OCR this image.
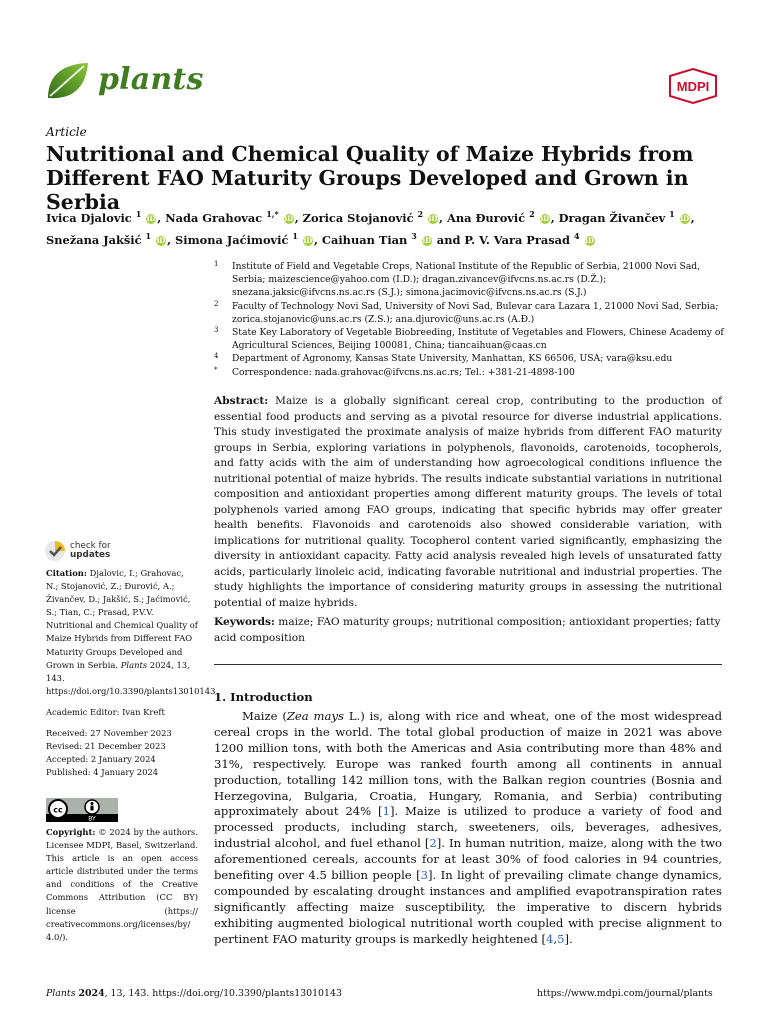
plants	MDPI
Article
Nutritional and Chemical Quality of Maize Hybrids from Different FAO Maturity Groups Developed and Grown in Serbia
Ivica Djalovic $^1$ iD , Nada Grahovac $^{1,*}$ iD , Zorica Stojanović $^2$ iD , Ana Đurović $^2$ iD , Dragan Živančev $^1$ iD ,
Snežana Jakšić $^1$ iD , Simona Jaćimović $^1$ iD , Caihuan Tian $^3$ iD and P. V. Vara Prasad $^4$ iD
1 Institute of Field and Vegetable Crops, National Institute of the Republic of Serbia, 21000 Novi Sad, Serbia; maizescience@yahoo.com (I.D.); dragan.zivancev@ifvcns.ns.ac.rs (D.Ž.); snezana.jaksic@ifvcns.ns.ac.rs (S.J.); simona.jacimovic@ifvcns.ns.ac.rs (S.J.)
2 Faculty of Technology Novi Sad, University of Novi Sad, Bulevar cara Lazara 1, 21000 Novi Sad, Serbia; zorica.stojanovic@uns.ac.rs (Z.S.); ana.djurovic@uns.ac.rs (A.Đ.)
3 State Key Laboratory of Vegetable Biobreeding, Institute of Vegetables and Flowers, Chinese Academy of Agricultural Sciences, Beijing 100081, China; tiancaihuan@caas.cn
4 Department of Agronomy, Kansas State University, Manhattan, KS 66506, USA; vara@ksu.edu
* Correspondence: nada.grahovac@ifvcns.ns.ac.rs; Tel.: +381-21-4898-100
Abstract: Maize is a globally significant cereal crop, contributing to the production of essential food products and serving as a pivotal resource for diverse industrial applications. This study investigated the proximate analysis of maize hybrids from different FAO maturity groups in Serbia, exploring variations in polyphenols, flavonoids, carotenoids, tocopherols, and fatty acids with the aim of understanding how agroecological conditions influence the nutritional potential of maize hybrids. The results indicate substantial variations in nutritional composition and antioxidant properties among different maturity groups. The levels of total polyphenols varied among FAO groups, indicating that specific hybrids may offer greater health benefits. Flavonoids and carotenoids also showed considerable variation, with implications for nutritional quality. Tocopherol content varied significantly, emphasizing the diversity in antioxidant capacity. Fatty acid analysis revealed high levels of unsaturated fatty acids, particularly linoleic acid, indicating favorable nutritional and industrial properties. The study highlights the importance of considering maturity groups in assessing the nutritional potential of maize hybrids.
Keywords: maize; FAO maturity groups; nutritional composition; antioxidant properties; fatty acid composition
1. Introduction
Maize (Zea mays L.) is, along with rice and wheat, one of the most widespread cereal crops in the world. The total global production of maize in 2021 was above 1200 million tons, with both the Americas and Asia contributing more than 48% and 31%, respectively. Europe was ranked fourth among all continents in annual production, totalling 142 million tons, with the Balkan region countries (Bosnia and Herzegovina, Bulgaria, Croatia, Hungary, Romania, and Serbia) contributing approximately about 24% [1]. Maize is utilized to produce a variety of food and processed products, including starch, sweeteners, oils, beverages, adhesives, industrial alcohol, and fuel ethanol [2]. In human nutrition, maize, along with the two aforementioned cereals, accounts for at least 30% of food calories in 94 countries, benefiting over 4.5 billion people [3]. In light of prevailing climate change dynamics, compounded by escalating drought instances and amplified evapotranspiration rates significantly affecting maize susceptibility, the imperative to discern hybrids exhibiting augmented biological nutritional worth coupled with precise alignment to pertinent FAO maturity groups is markedly heightened [4,5].
check for
updates

Citation: Djalovic, I.; Grahovac, N.; Stojanović, Z.; Đurović, A.; Živančev, D.; Jakšić, S.; Jaćimović, S.; Tian, C.; Prasad, P.V.V. Nutritional and Chemical Quality of Maize Hybrids from Different FAO Maturity Groups Developed and Grown in Serbia. Plants 2024, 13, 143. https://doi.org/10.3390/plants13010143

Academic Editor: Ivan Kreft

Received: 27 November 2023

Revised: 21 December 2023

Accepted: 2 January 2024

Published: 4 January 2024

cc
BY
Copyright: © 2024 by the authors. Licensee MDPI, Basel, Switzerland. This article is an open access article distributed under the terms and conditions of the Creative Commons Attribution (CC BY) license (https:// creativecommons.org/licenses/by/ 4.0/).
Plants 2024, 13, 143. https://doi.org/10.3390/plants13010143	https://www.mdpi.com/journal/plants
